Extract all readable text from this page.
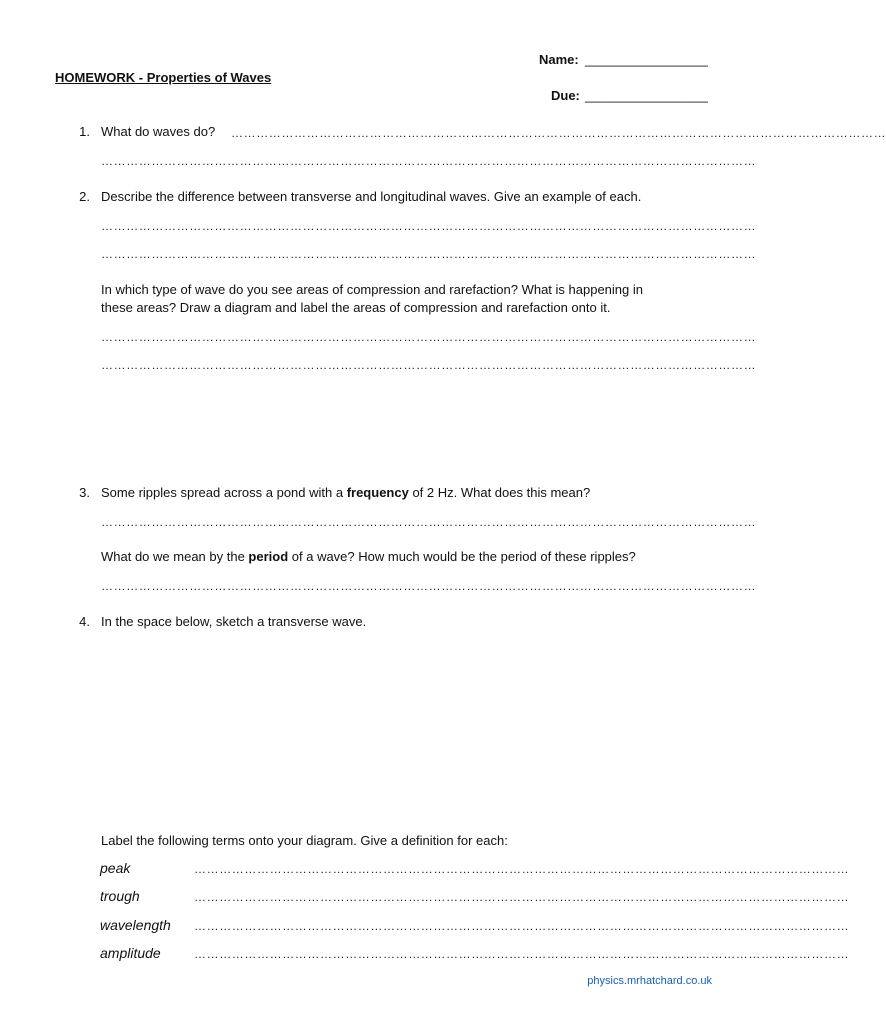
Name: _________________
HOMEWORK - Properties of Waves
Due: _________________
1. What do waves do? …………………………………………………………………………………………………………………………………………
…………………………………………………………………………………………………………………………………………
2. Describe the difference between transverse and longitudinal waves. Give an example of each.
…………………………………………………………………………………………………………………………………………
…………………………………………………………………………………………………………………………………………
In which type of wave do you see areas of compression and rarefaction? What is happening in
these areas? Draw a diagram and label the areas of compression and rarefaction onto it.
…………………………………………………………………………………………………………………………………………
…………………………………………………………………………………………………………………………………………
3. Some ripples spread across a pond with a frequency of 2 Hz. What does this mean?
…………………………………………………………………………………………………………………………………………
What do we mean by the period of a wave? How much would be the period of these ripples?
…………………………………………………………………………………………………………………………………………
4. In the space below, sketch a transverse wave.
Label the following terms onto your diagram. Give a definition for each:
peak	…………………………………………………………………………………………………………………………………………
trough	…………………………………………………………………………………………………………………………………………
wavelength …………………………………………………………………………………………………………………………………………
amplitude	…………………………………………………………………………………………………………………………………………
physics.mrhatchard.co.uk
